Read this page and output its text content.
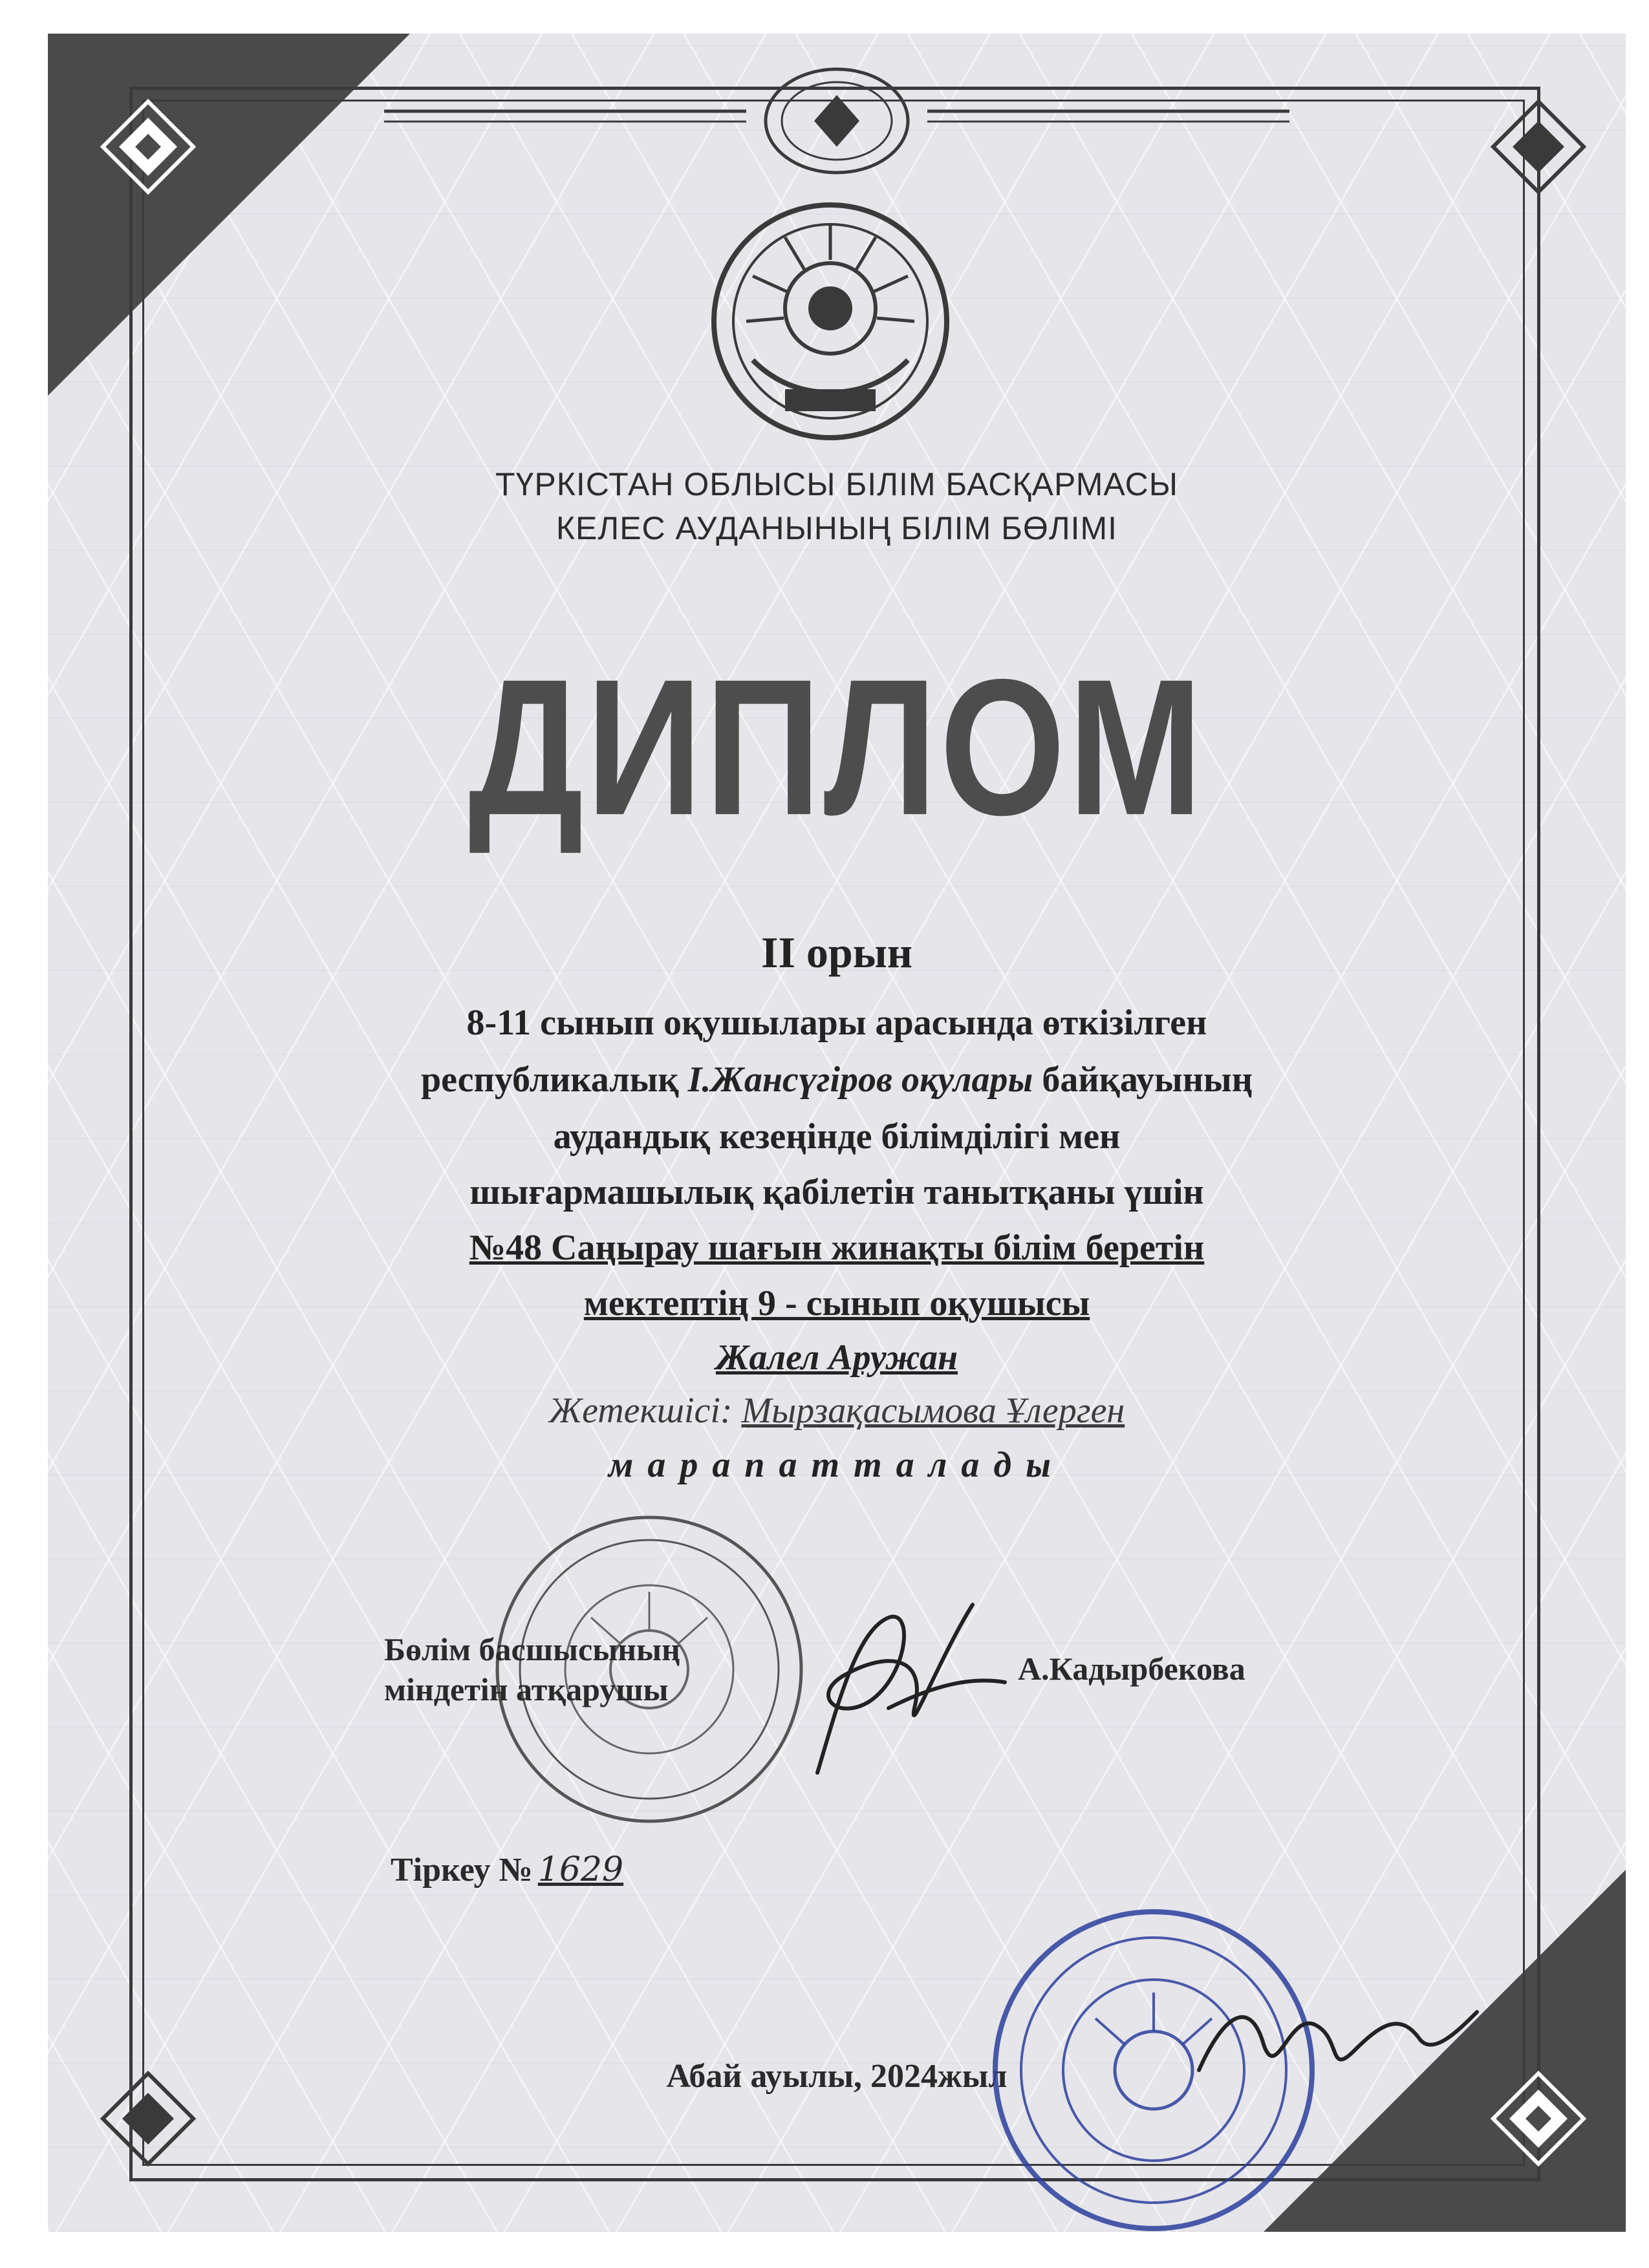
ТҮРКІСТАН ОБЛЫСЫ БІЛІМ БАСҚАРМАСЫ
КЕЛЕС АУДАНЫНЫҢ БІЛІМ БӨЛІМІ
ДИПЛОМ
II орын
8-11 сынып оқушылары арасында өткізілген
республикалық І.Жансүгіров оқулары байқауының
аудандық кезеңінде білімділігі мен
шығармашылық қабілетін танытқаны үшін
№48 Саңырау шағын жинақты білім беретін
мектептің 9 - сынып оқушысы
Жалел Аружан
Жетекшісі: Мырзақасымова Ұлерген
марапатталады
Бөлім басшысының
міндетін атқарушы
А.Кадырбекова
Тіркеу № 1629
Абай ауылы, 2024жыл
